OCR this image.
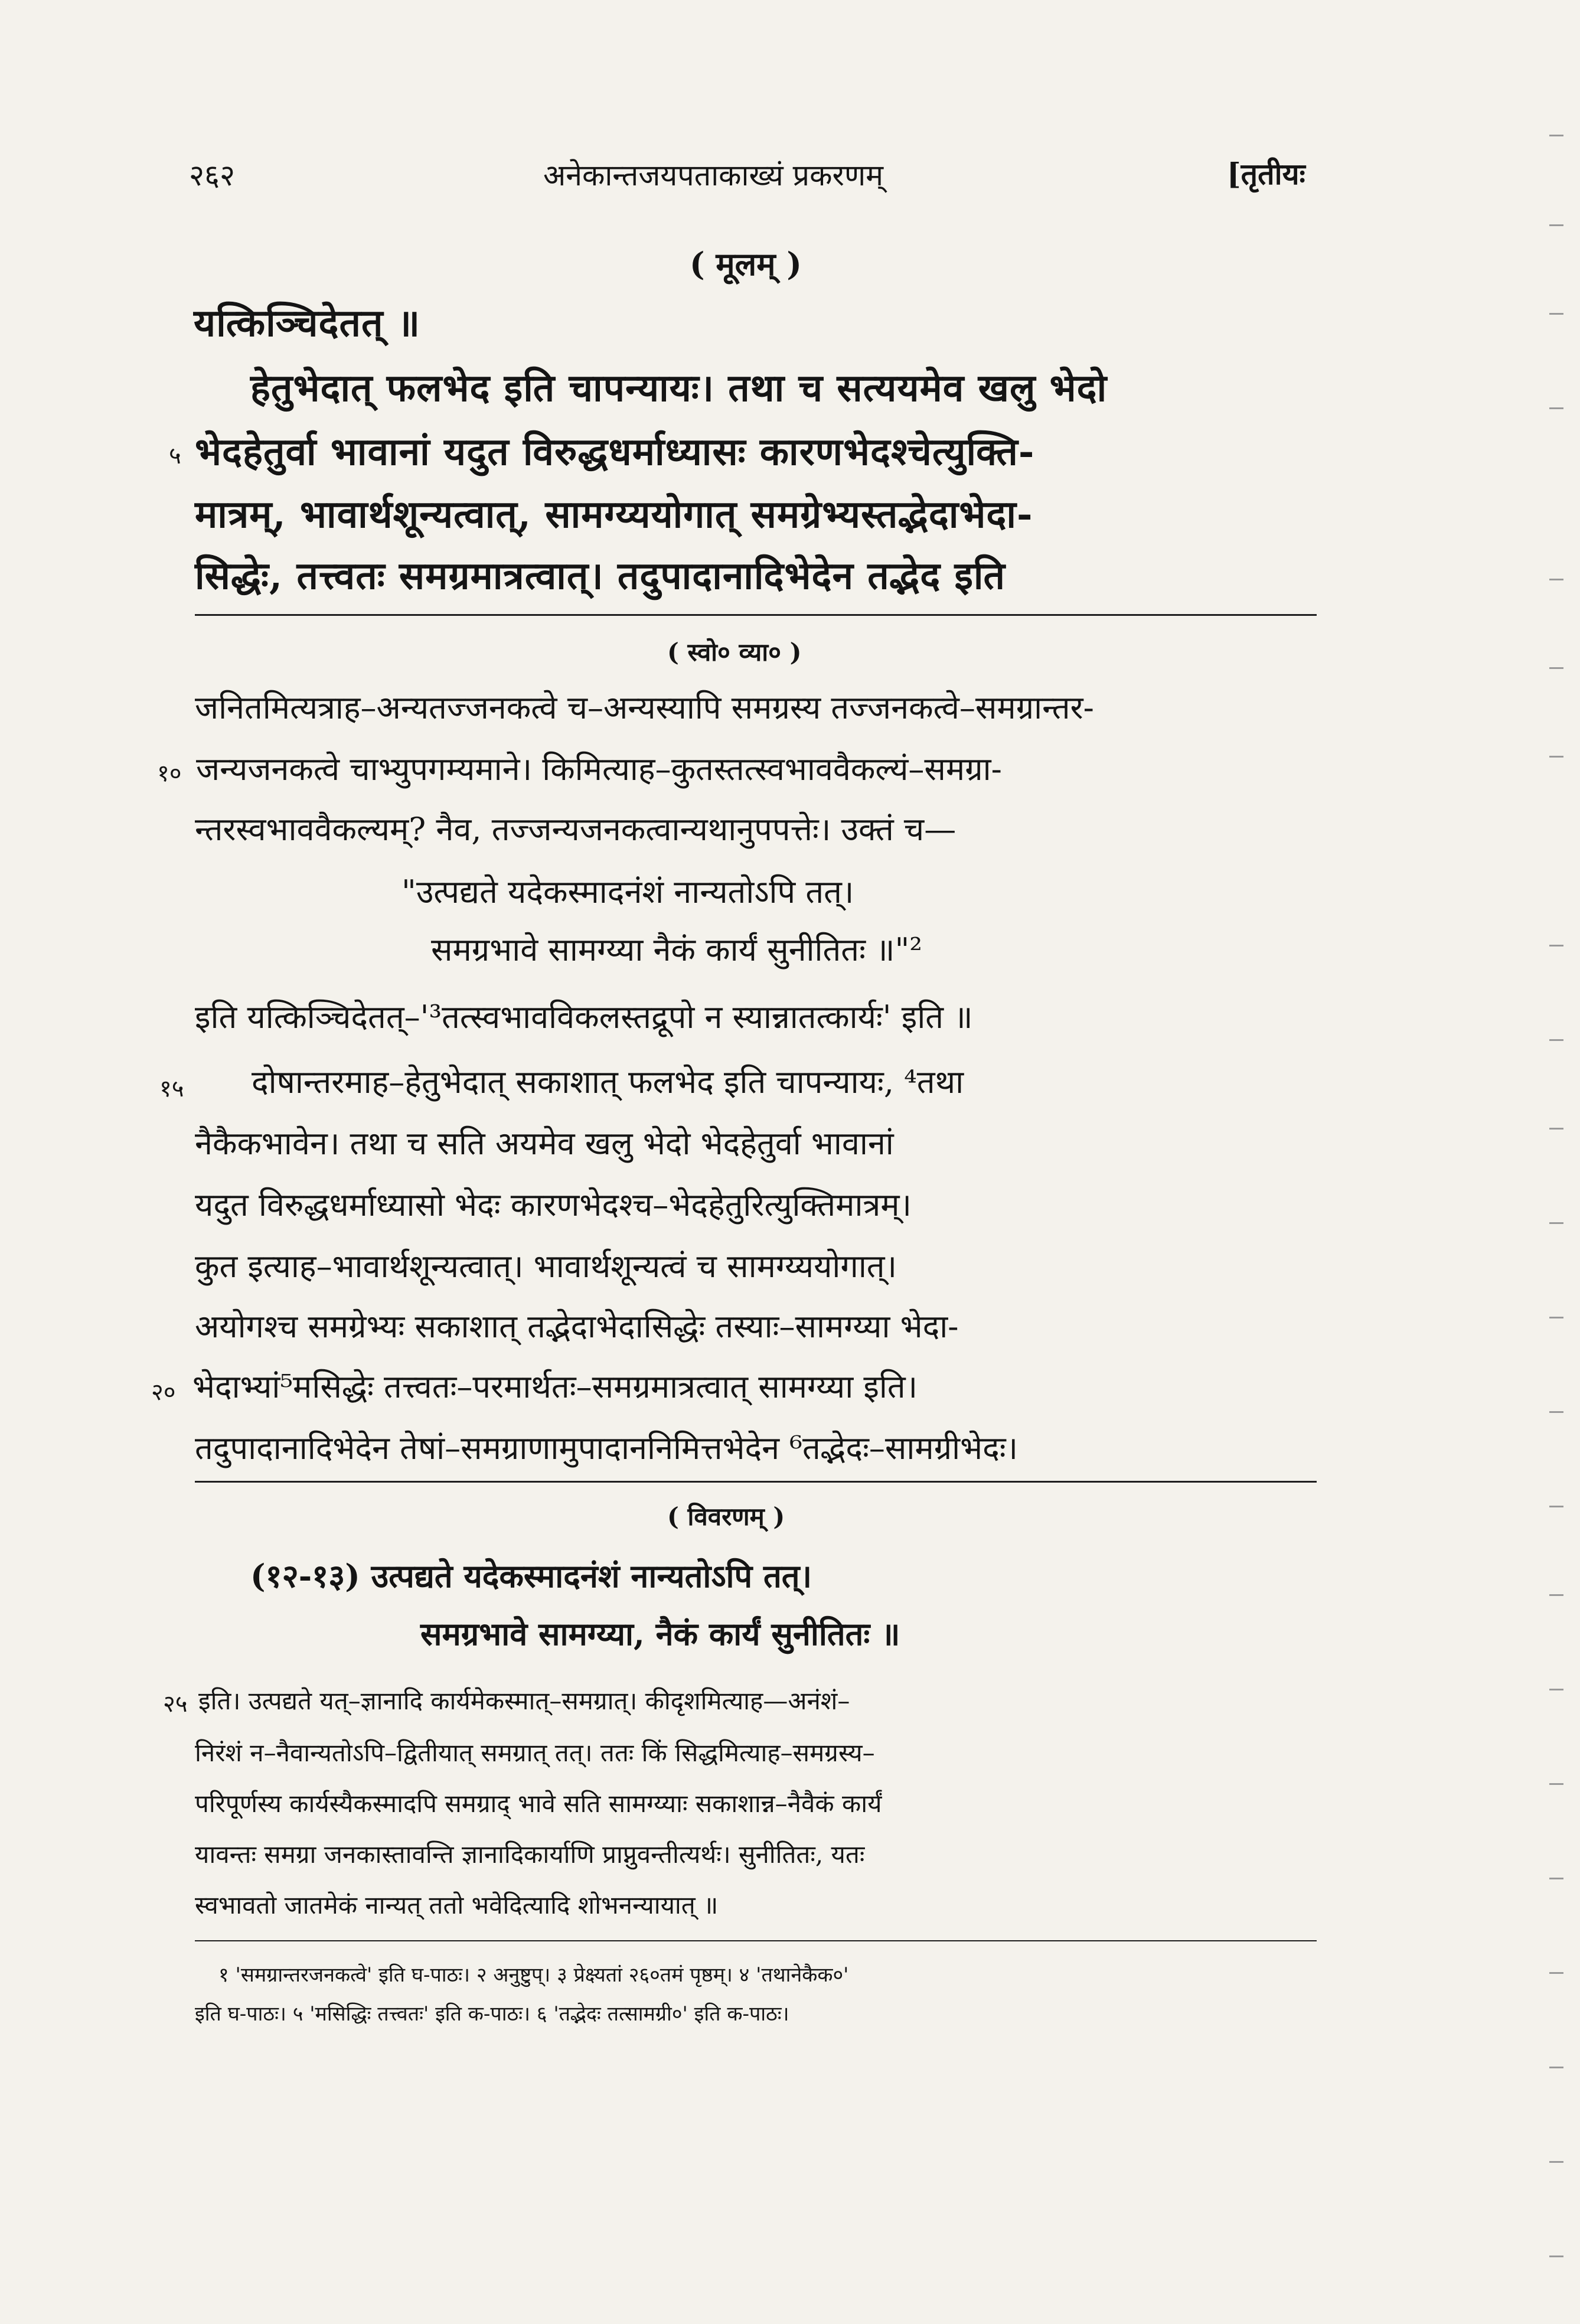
२६२	अनेकान्तजयपताकाख्यं प्रकरणम्	[तृतीयः
( मूलम् )
यत्किञ्चिदेतत् ॥
हेतुभेदात् फलभेद इति चापन्यायः। तथा च सत्ययमेव खलु भेदो
५ भेदहेतुर्वा भावानां यदुत विरुद्धधर्माध्यासः कारणभेदश्चेत्युक्ति-
मात्रम्, भावार्थशून्यत्वात्, सामग्य्ययोगात् समग्रेभ्यस्तद्भेदाभेदा-
सिद्धेः, तत्त्वतः समग्रमात्रत्वात्। तदुपादानादिभेदेन तद्भेद इति
( स्वो० व्या० )
जनितमित्यत्राह–अन्यतज्जनकत्वे च–अन्यस्यापि समग्रस्य तज्जनकत्वे–समग्रान्तर-
१० जन्यजनकत्वे चाभ्युपगम्यमाने। किमित्याह–कुतस्तत्स्वभाववैकल्यं–समग्रा-
न्तरस्वभाववैकल्यम्? नैव, तज्जन्यजनकत्वान्यथानुपपत्तेः। उक्तं च—
"उत्पद्यते यदेकस्मादनंशं नान्यतोऽपि तत्।
समग्रभावे सामग्य्या नैकं कार्यं सुनीतितः ॥"²
इति यत्किञ्चिदेतत्–'³तत्स्वभावविकलस्तद्रूपो न स्यान्नातत्कार्यः' इति ॥
१५ दोषान्तरमाह–हेतुभेदात् सकाशात् फलभेद इति चापन्यायः, ⁴तथा
नैकैकभावेन। तथा च सति अयमेव खलु भेदो भेदहेतुर्वा भावानां
यदुत विरुद्धधर्माध्यासो भेदः कारणभेदश्च–भेदहेतुरित्युक्तिमात्रम्।
कुत इत्याह–भावार्थशून्यत्वात्। भावार्थशून्यत्वं च सामग्य्ययोगात्।
अयोगश्च समग्रेभ्यः सकाशात् तद्भेदाभेदासिद्धेः तस्याः–सामग्य्या भेदा-
२० भेदाभ्यां⁵मसिद्धेः तत्त्वतः–परमार्थतः–समग्रमात्रत्वात् सामग्य्या इति।
तदुपादानादिभेदेन तेषां–समग्राणामुपादाननिमित्तभेदेन ⁶तद्भेदः–सामग्रीभेदः।
( विवरणम् )
(१२-१३) उत्पद्यते यदेकस्मादनंशं नान्यतोऽपि तत्।
समग्रभावे सामग्य्या, नैकं कार्यं सुनीतितः ॥
२५ इति। उत्पद्यते यत्–ज्ञानादि कार्यमेकस्मात्–समग्रात्। कीदृशमित्याह—अनंशं–
निरंशं न–नैवान्यतोऽपि–द्वितीयात् समग्रात् तत्। ततः किं सिद्धमित्याह–समग्रस्य–
परिपूर्णस्य कार्यस्यैकस्मादपि समग्राद् भावे सति सामग्य्याः सकाशान्न–नैवैकं कार्यं
यावन्तः समग्रा जनकास्तावन्ति ज्ञानादिकार्याणि प्राप्नुवन्तीत्यर्थः। सुनीतितः, यतः
स्वभावतो जातमेकं नान्यत् ततो भवेदित्यादि शोभनन्यायात् ॥
१ 'समग्रान्तरजनकत्वे' इति घ-पाठः। २ अनुष्टुप्। ३ प्रेक्ष्यतां २६०तमं पृष्ठम्। ४ 'तथानेकैक०'
इति घ-पाठः। ५ 'मसिद्धिः तत्त्वतः' इति क-पाठः। ६ 'तद्भेदः तत्सामग्री०' इति क-पाठः।
